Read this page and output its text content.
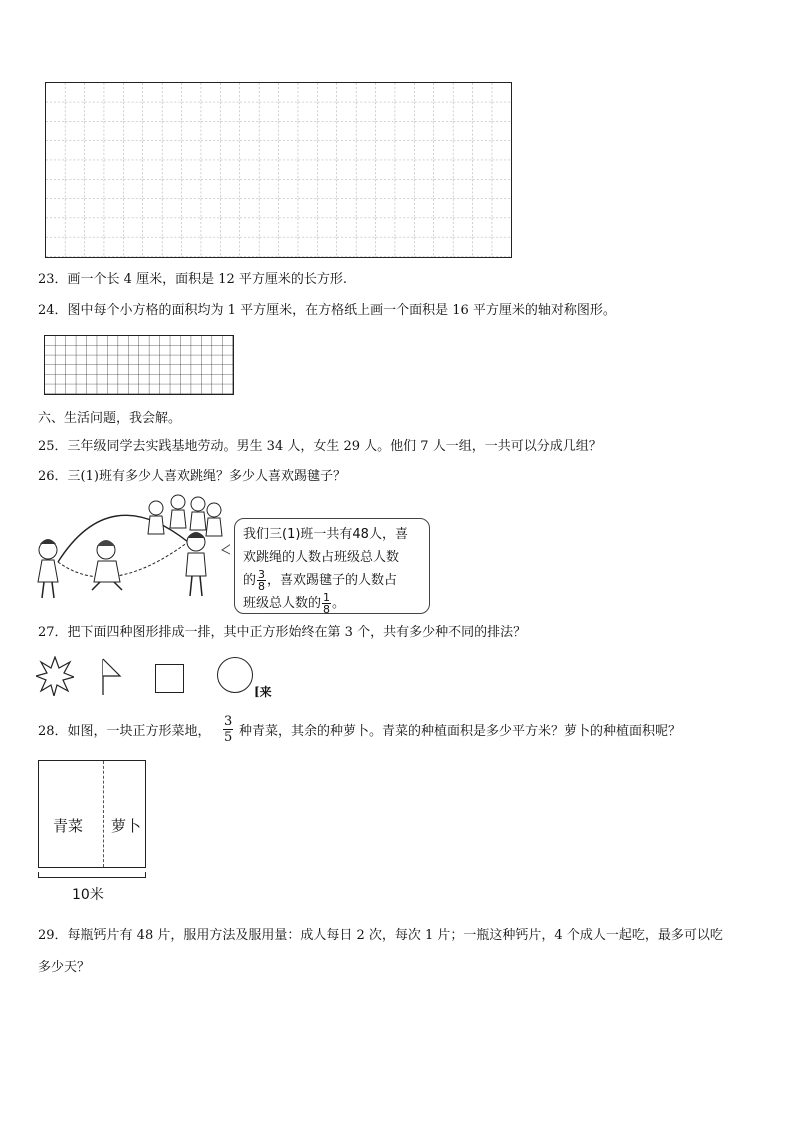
23．画一个长 4 厘米，面积是 12 平方厘米的长方形.
24．图中每个小方格的面积均为 1 平方厘米，在方格纸上画一个面积是 16 平方厘米的轴对称图形。
六、生活问题，我会解。
25．三年级同学去实践基地劳动。男生 34 人，女生 29 人。他们 7 人一组，一共可以分成几组？
26．三(1)班有多少人喜欢跳绳？多少人喜欢踢毽子？
我们三(1)班一共有48人，喜
欢跳绳的人数占班级总人数
的 $\frac{3}{8}$ ，喜欢踢毽子的人数占
班级总人数的 $\frac{1}{8}$ 。
27．把下面四种图形排成一排，其中正方形始终在第 3 个，共有多少种不同的排法？
[来
28．如图，一块正方形菜地， $\frac{3}{5}$ 种青菜，其余的种萝卜。青菜的种植面积是多少平方米？萝卜的种植面积呢？
青菜 萝卜
10米
29．每瓶钙片有 48 片，服用方法及服用量：成人每日 2 次，每次 1 片；一瓶这种钙片，4 个成人一起吃，最多可以吃
多少天？
